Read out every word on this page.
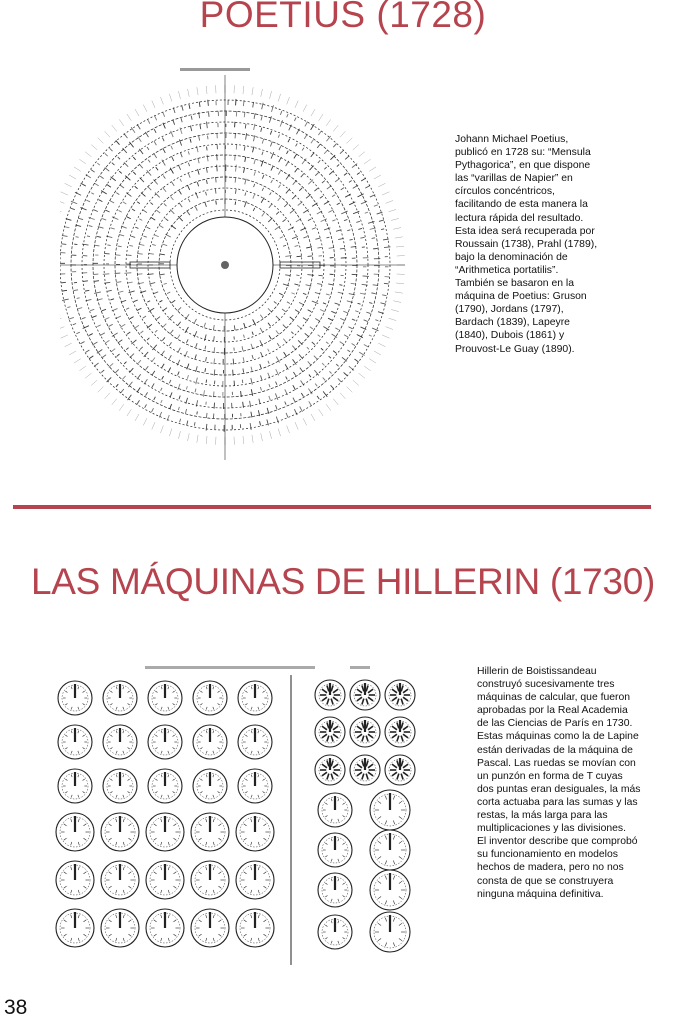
POETIUS (1728)

Johann Michael Poetius,
publicó en 1728 su: “Mensula
Pythagorica”, en que dispone
las “varillas de Napier” en
círculos concéntricos,
facilitando de esta manera la
lectura rápida del resultado.
Esta idea será recuperada por
Roussain (1738), Prahl (1789),
bajo la denominación de
“Arithmetica portatilis”.
También se basaron en la
máquina de Poetius: Gruson
(1790), Jordans (1797),
Bardach (1839), Lapeyre
(1840), Dubois (1861) y
Prouvost-Le Guay (1890).

LAS MÁQUINAS DE HILLERIN (1730)

Hillerin de Boistissandeau
construyó sucesivamente tres
máquinas de calcular, que fueron
aprobadas por la Real Academia
de las Ciencias de París en 1730.
Estas máquinas como la de Lapine
están derivadas de la máquina de
Pascal. Las ruedas se movían con
un punzón en forma de T cuyas
dos puntas eran desiguales, la más
corta actuaba para las sumas y las
restas, la más larga para las
multiplicaciones y las divisiones.
El inventor describe que comprobó
su funcionamiento en modelos
hechos de madera, pero no nos
consta de que se construyera
ninguna máquina definitiva.

38
